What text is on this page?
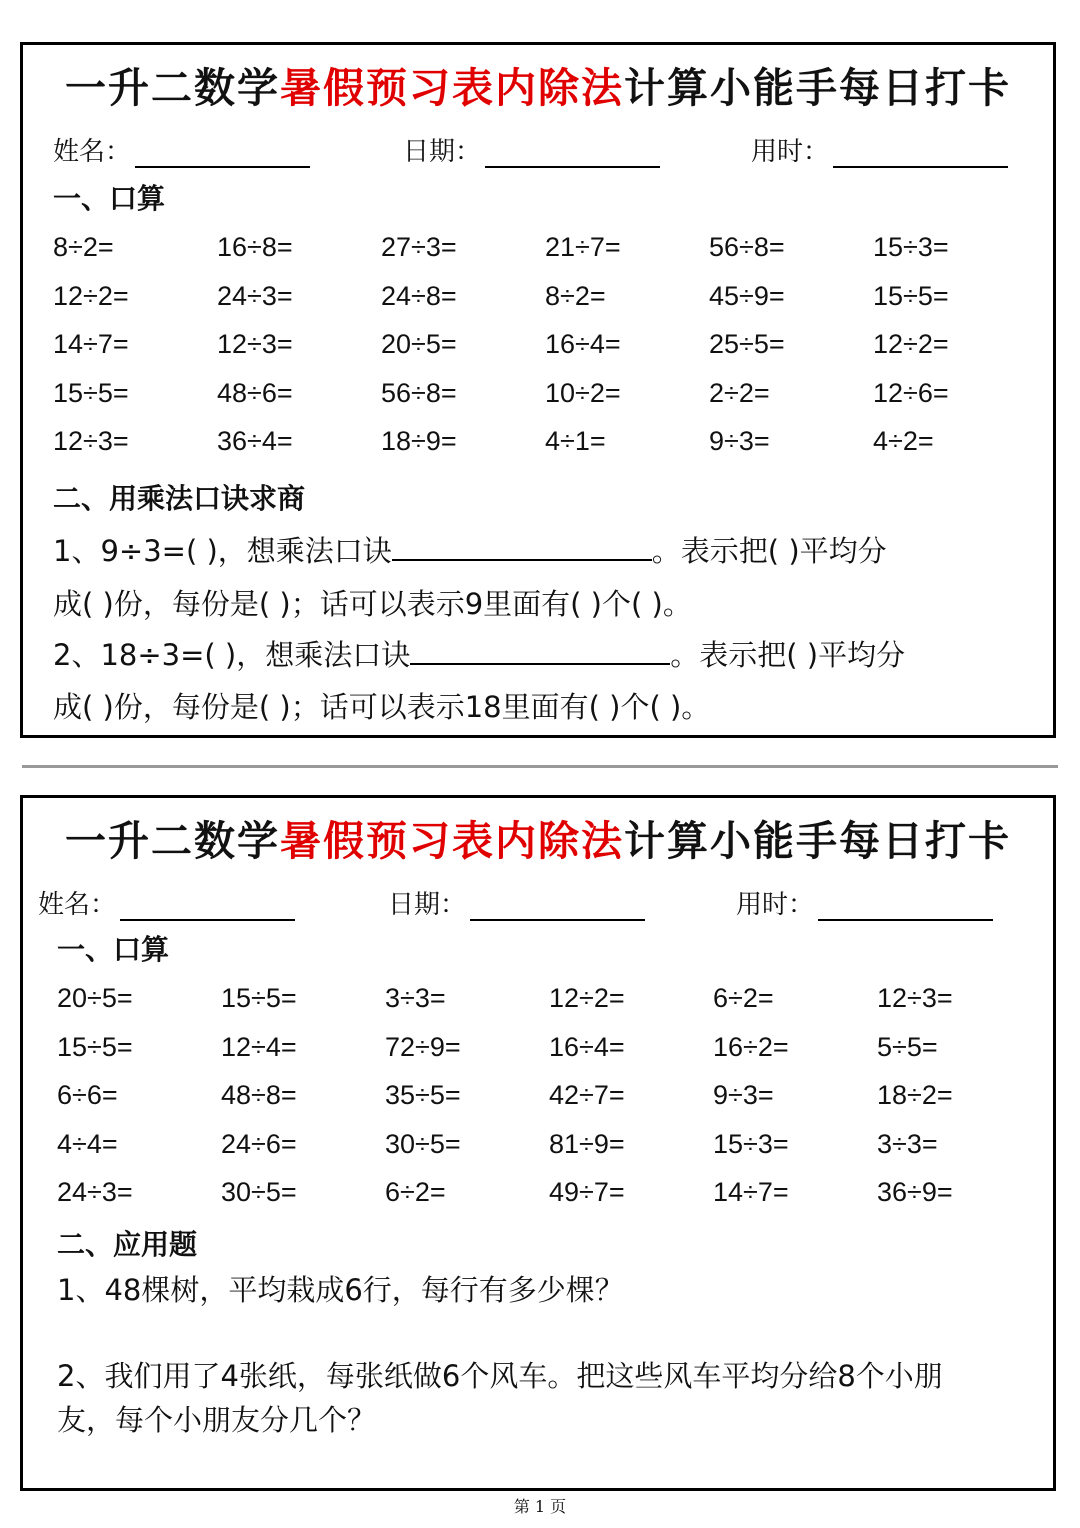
一升二数学暑假预习表内除法计算小能手每日打卡
姓名：	日期：	用时：
一、口算
8÷2=	16÷8=	27÷3=	21÷7=	56÷8=	15÷3=
12÷2=	24÷3=	24÷8=	8÷2=	45÷9=	15÷5=
14÷7=	12÷3=	20÷5=	16÷4=	25÷5=	12÷2=
15÷5=	48÷6=	56÷8=	10÷2=	2÷2=	12÷6=
12÷3=	36÷4=	18÷9=	4÷1=	9÷3=	4÷2=
二、用乘法口诀求商
1、9÷3=( )，想乘法口诀	。表示把( )平均分
成( )份，每份是( )；话可以表示9里面有( )个( )。
2、18÷3=( )，想乘法口诀	。表示把( )平均分
成( )份，每份是( )；话可以表示18里面有( )个( )。
一升二数学暑假预习表内除法计算小能手每日打卡
姓名：	日期：	用时：
一、口算
20÷5=	15÷5=	3÷3=	12÷2=	6÷2=	12÷3=
15÷5=	12÷4=	72÷9=	16÷4=	16÷2=	5÷5=
6÷6=	48÷8=	35÷5=	42÷7=	9÷3=	18÷2=
4÷4=	24÷6=	30÷5=	81÷9=	15÷3=	3÷3=
24÷3=	30÷5=	6÷2=	49÷7=	14÷7=	36÷9=
二、应用题
1、48棵树，平均栽成6行，每行有多少棵？
2、我们用了4张纸，每张纸做6个风车。把这些风车平均分给8个小朋
友，每个小朋友分几个？
第 1 页
